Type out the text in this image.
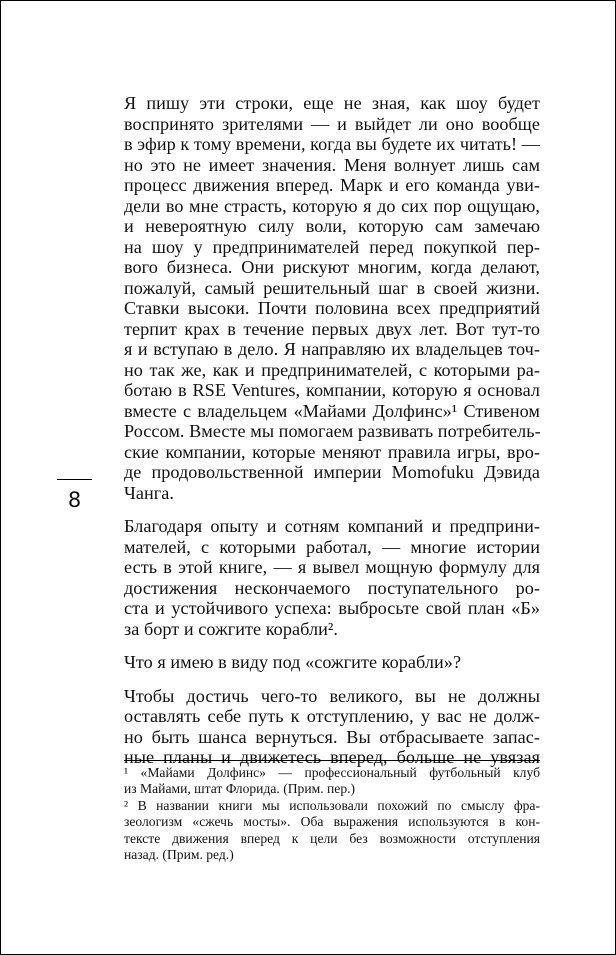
Я пишу эти строки, еще не зная, как шоу будет
воспринято зрителями — и выйдет ли оно вообще
в эфир к тому времени, когда вы будете их читать! —
но это не имеет значения. Меня волнует лишь сам
процесс движения вперед. Марк и его команда уви-
дели во мне страсть, которую я до сих пор ощущаю,
и невероятную силу воли, которую сам замечаю
на шоу у предпринимателей перед покупкой пер-
вого бизнеса. Они рискуют многим, когда делают,
пожалуй, самый решительный шаг в своей жизни.
Ставки высоки. Почти половина всех предприятий
терпит крах в течение первых двух лет. Вот тут-то
я и вступаю в дело. Я направляю их владельцев точ-
но так же, как и предпринимателей, с которыми ра-
ботаю в RSE Ventures, компании, которую я основал
вместе с владельцем «Майами Долфинс»¹ Стивеном
Россом. Вместе мы помогаем развивать потребитель-
ские компании, которые меняют правила игры, вро-
де продовольственной империи Momofuku Дэвида
Чанга.

Благодаря опыту и сотням компаний и предприни-
мателей, с которыми работал, — многие истории
есть в этой книге, — я вывел мощную формулу для
достижения нескончаемого поступательного ро-
ста и устойчивого успеха: выбросьте свой план «Б»
за борт и сожгите корабли².

Что я имею в виду под «сожгите корабли»?

Чтобы достичь чего-то великого, вы не должны
оставлять себе путь к отступлению, у вас не долж-
но быть шанса вернуться. Вы отбрасываете запас-
ные планы и движетесь вперед, больше не увязая

8
¹ «Майами Долфинс» — профессиональный футбольный клуб
из Майами, штат Флорида. (Прим. пер.)
² В названии книги мы использовали похожий по смыслу фра-
зеологизм «сжечь мосты». Оба выражения используются в кон-
тексте движения вперед к цели без возможности отступления
назад. (Прим. ред.)
